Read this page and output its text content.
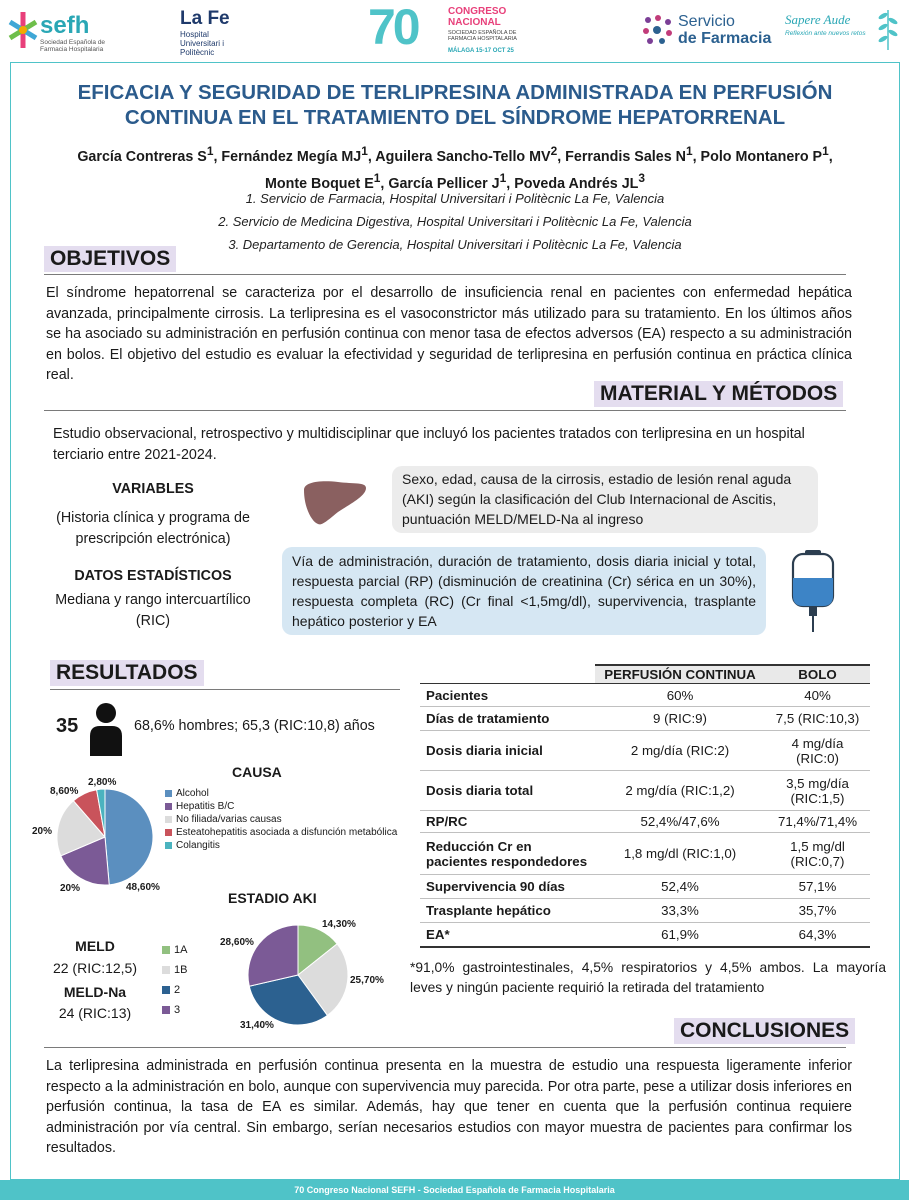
sefh
Sociedad Española de Farmacia Hospitalaria
La Fe
Hospital Universitari i Politècnic	70	CONGRESO NACIONAL
SOCIEDAD ESPAÑOLA DE FARMACIA HOSPITALARIA
MÁLAGA 15-17 OCT 25
Servicio
de Farmacia
Sapere Aude
Reflexión ante nuevos retos
EFICACIA Y SEGURIDAD DE TERLIPRESINA ADMINISTRADA EN PERFUSIÓN CONTINUA EN EL TRATAMIENTO DEL SÍNDROME HEPATORRENAL
García Contreras $S^1$, Fernández Megía $MJ^1$, Aguilera Sancho-Tello $MV^2$, Ferrandis Sales $N^1$, Polo Montanero $P^1$, Monte Boquet $E^1$, García Pellicer $J^1$, Poveda Andrés $JL^3$
1. Servicio de Farmacia, Hospital Universitari i Politècnic La Fe, Valencia
2. Servicio de Medicina Digestiva, Hospital Universitari i Politècnic La Fe, Valencia
3. Departamento de Gerencia, Hospital Universitari i Politècnic La Fe, Valencia
OBJETIVOS
El síndrome hepatorrenal se caracteriza por el desarrollo de insuficiencia renal en pacientes con enfermedad hepática avanzada, principalmente cirrosis. La terlipresina es el vasoconstrictor más utilizado para su tratamiento. En los últimos años se ha asociado su administración en perfusión continua con menor tasa de efectos adversos (EA) respecto a su administración en bolos. El objetivo del estudio es evaluar la efectividad y seguridad de terlipresina en perfusión continua en práctica clínica real.
MATERIAL Y MÉTODOS
Estudio observacional, retrospectivo y multidisciplinar que incluyó los pacientes tratados con terlipresina en un hospital terciario entre 2021-2024.
VARIABLES
(Historia clínica y programa de prescripción electrónica)
DATOS ESTADÍSTICOS
Mediana y rango intercuartílico (RIC)
Sexo, edad, causa de la cirrosis, estadio de lesión renal aguda (AKI) según la clasificación del Club Internacional de Ascitis, puntuación MELD/MELD-Na al ingreso
Vía de administración, duración de tratamiento, dosis diaria inicial y total, respuesta parcial (RP) (disminución de creatinina (Cr) sérica en un 30%), respuesta completa (RC) (Cr final <1,5mg/dl), supervivencia, trasplante hepático posterior y EA
RESULTADOS
35	68,6% hombres; 65,3 (RIC:10,8) años
CAUSA
48,60%
20%
20%
8,60%
2,80%
Alcohol
Hepatitis B/C
No filiada/varias causas
Esteatohepatitis asociada a disfunción metabólica
Colangitis
MELD
22 (RIC:12,5)
MELD-Na
24 (RIC:13)
ESTADIO AKI
1A
1B
2
3
14,30%
25,70%
31,40%
28,60%
	PERFUSIÓN CONTINUA	BOLO
Pacientes	60%	40%
Días de tratamiento	9 (RIC:9)	7,5 (RIC:10,3)
Dosis diaria inicial	2 mg/día (RIC:2)	4 mg/día (RIC:0)
Dosis diaria total	2 mg/día (RIC:1,2)	3,5 mg/día (RIC:1,5)
RP/RC	52,4%/47,6%	71,4%/71,4%
Reducción Cr en pacientes respondedores	1,8 mg/dl (RIC:1,0)	1,5 mg/dl (RIC:0,7)
Supervivencia 90 días	52,4%	57,1%
Trasplante hepático	33,3%	35,7%
EA*	61,9%	64,3%
*91,0% gastrointestinales, 4,5% respiratorios y 4,5% ambos. La mayoría leves y ningún paciente requirió la retirada del tratamiento
CONCLUSIONES
La terlipresina administrada en perfusión continua presenta en la muestra de estudio una respuesta ligeramente inferior respecto a la administración en bolo, aunque con supervivencia muy parecida. Por otra parte, pese a utilizar dosis inferiores en perfusión continua, la tasa de EA es similar. Además, hay que tener en cuenta que la perfusión continua requiere administración por vía central. Sin embargo, serían necesarios estudios con mayor muestra de pacientes para confirmar los resultados.
70 Congreso Nacional SEFH - Sociedad Española de Farmacia Hospitalaria
